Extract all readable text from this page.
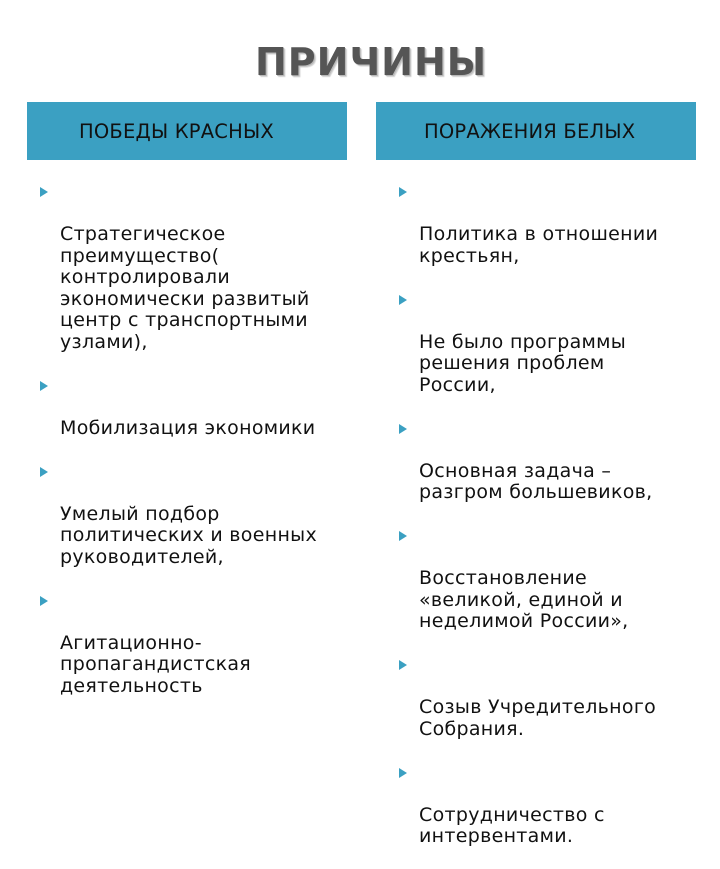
ПРИЧИНЫ
ПОБЕДЫ КРАСНЫХ	ПОРАЖЕНИЯ БЕЛЫХ

Стратегическое
преимущество(
контролировали
экономически развитый
центр с транспортными
узлами),

Мобилизация экономики

Умелый подбор
политических и военных
руководителей,

Агитационно-
пропагандистская
деятельность

Политика в отношении
крестьян,

Не было программы
решения проблем
России,

Основная задача –
разгром большевиков,

Восстановление
«великой, единой и
неделимой России»,

Созыв Учредительного
Собрания.

Сотрудничество с
интервентами.
